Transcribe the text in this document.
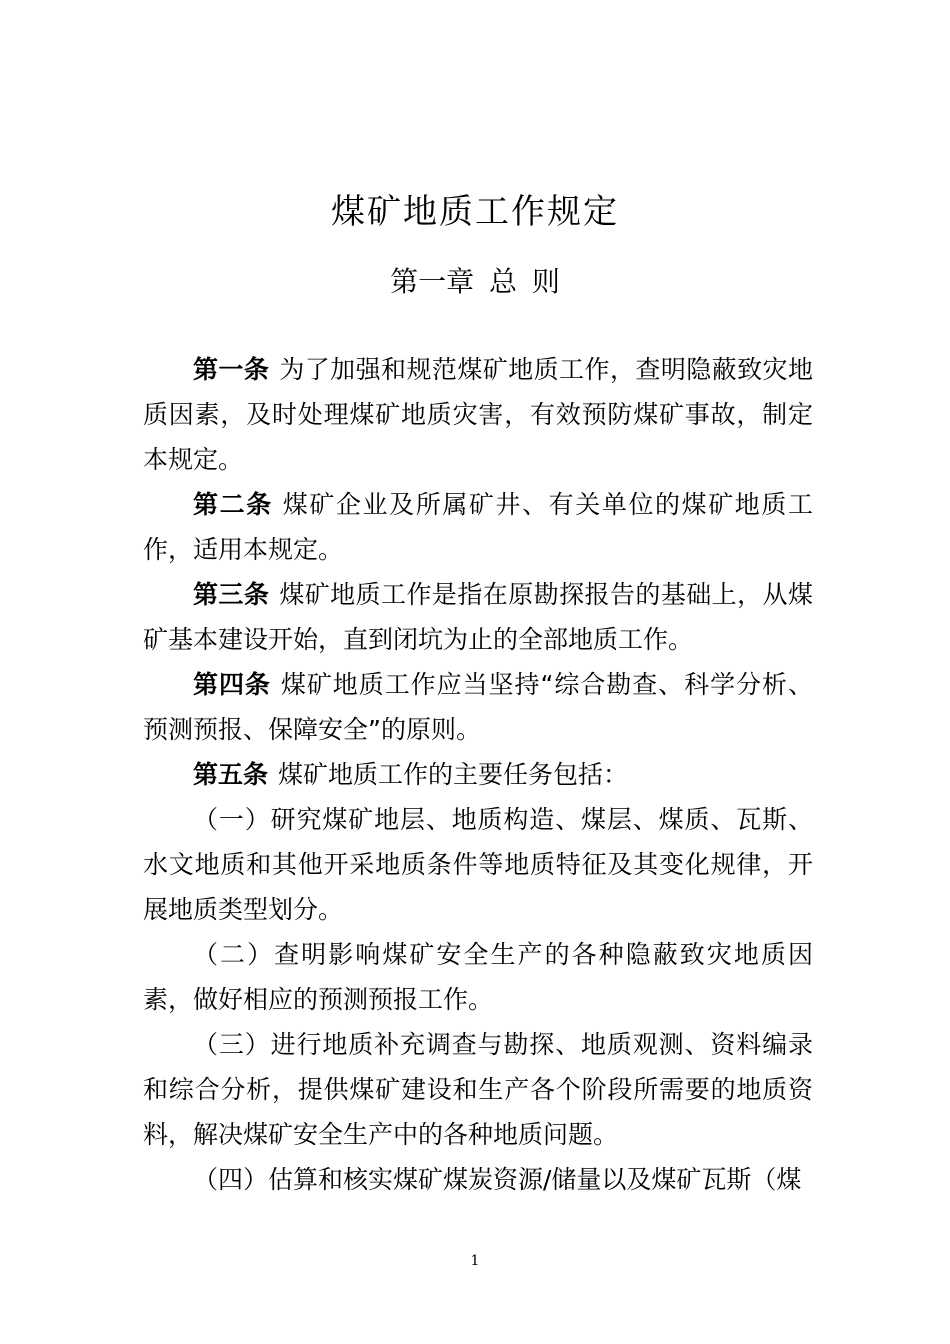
煤矿地质工作规定
第一章 总 则

第一条 为了加强和规范煤矿地质工作，查明隐蔽致灾地质因素，及时处理煤矿地质灾害，有效预防煤矿事故，制定本规定。

第二条 煤矿企业及所属矿井、有关单位的煤矿地质工作，适用本规定。

第三条 煤矿地质工作是指在原勘探报告的基础上，从煤矿基本建设开始，直到闭坑为止的全部地质工作。

第四条 煤矿地质工作应当坚持“综合勘查、科学分析、预测预报、保障安全”的原则。

第五条 煤矿地质工作的主要任务包括：

（一）研究煤矿地层、地质构造、煤层、煤质、瓦斯、水文地质和其他开采地质条件等地质特征及其变化规律，开展地质类型划分。

（二）查明影响煤矿安全生产的各种隐蔽致灾地质因素，做好相应的预测预报工作。

（三）进行地质补充调查与勘探、地质观测、资料编录和综合分析，提供煤矿建设和生产各个阶段所需要的地质资料，解决煤矿安全生产中的各种地质问题。

（四）估算和核实煤矿煤炭资源/储量以及煤矿瓦斯（煤

1
